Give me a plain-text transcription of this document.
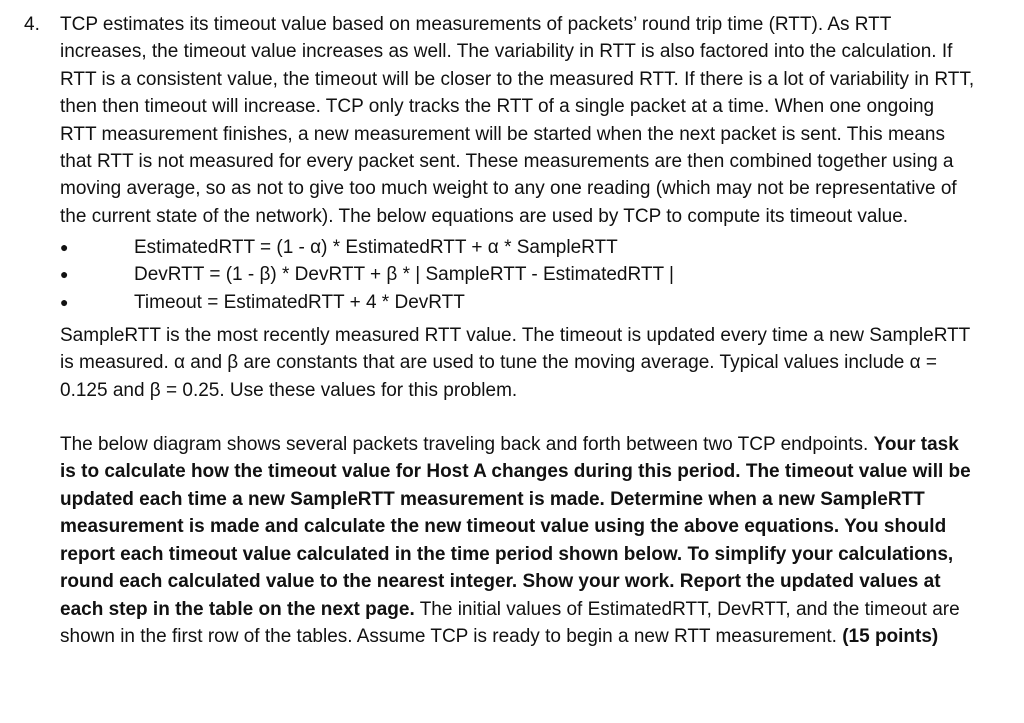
4. TCP estimates its timeout value based on measurements of packets’ round trip time (RTT). As RTT increases, the timeout value increases as well. The variability in RTT is also factored into the calculation. If RTT is a consistent value, the timeout will be closer to the measured RTT. If there is a lot of variability in RTT, then then timeout will increase. TCP only tracks the RTT of a single packet at a time. When one ongoing RTT measurement finishes, a new measurement will be started when the next packet is sent. This means that RTT is not measured for every packet sent. These measurements are then combined together using a moving average, so as not to give too much weight to any one reading (which may not be representative of the current state of the network). The below equations are used by TCP to compute its timeout value.

●	EstimatedRTT = (1 - α) * EstimatedRTT + α * SampleRTT
●	DevRTT = (1 - β) * DevRTT + β * | SampleRTT - EstimatedRTT |
●	Timeout = EstimatedRTT + 4 * DevRTT

SampleRTT is the most recently measured RTT value. The timeout is updated every time a new SampleRTT is measured. α and β are constants that are used to tune the moving average. Typical values include α = 0.125 and β = 0.25. Use these values for this problem.

The below diagram shows several packets traveling back and forth between two TCP endpoints. Your task is to calculate how the timeout value for Host A changes during this period. The timeout value will be updated each time a new SampleRTT measurement is made. Determine when a new SampleRTT measurement is made and calculate the new timeout value using the above equations. You should report each timeout value calculated in the time period shown below. To simplify your calculations, round each calculated value to the nearest integer. Show your work. Report the updated values at each step in the table on the next page. The initial values of EstimatedRTT, DevRTT, and the timeout are shown in the first row of the tables. Assume TCP is ready to begin a new RTT measurement. (15 points)
